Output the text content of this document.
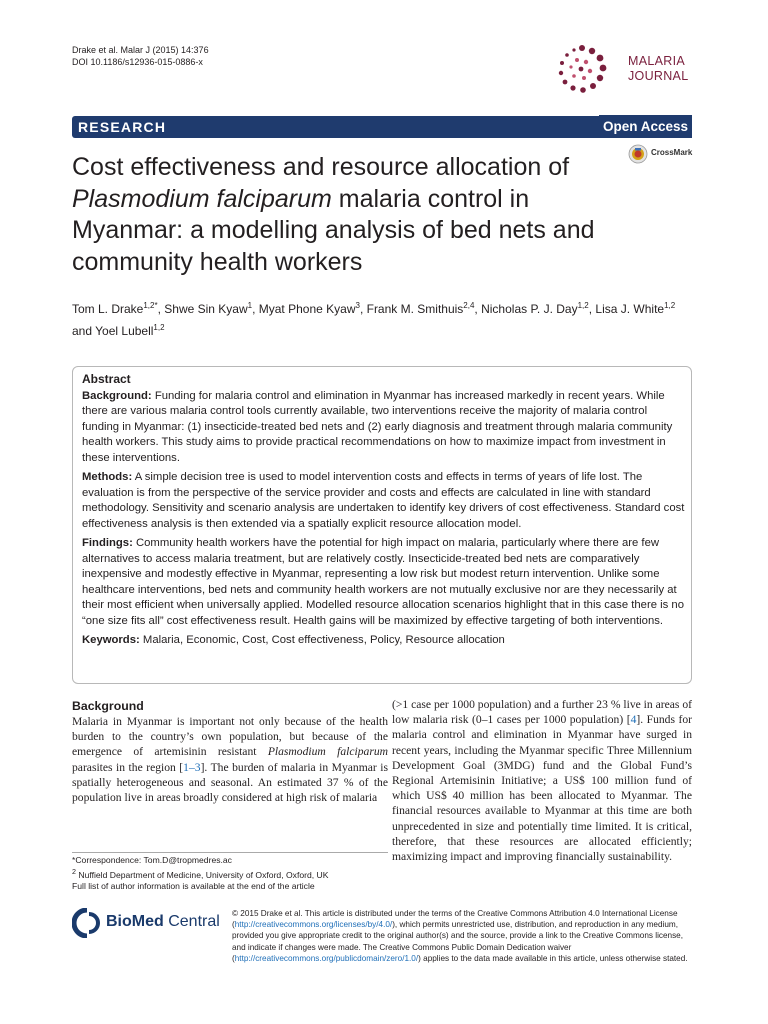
Drake et al. Malar J (2015) 14:376
DOI 10.1186/s12936-015-0886-x	MALARIA
JOURNAL
RESEARCH	Open Access
CrossMark
Cost effectiveness and resource allocation of Plasmodium falciparum malaria control in Myanmar: a modelling analysis of bed nets and community health workers
Tom L. Drake$^{1,2*}$, Shwe Sin Kyaw$^1$, Myat Phone Kyaw$^3$, Frank M. Smithuis$^{2,4}$, Nicholas P. J. Day$^{1,2}$, Lisa J. White$^{1,2}$
and Yoel Lubell$^{1,2}$
Abstract

Background: Funding for malaria control and elimination in Myanmar has increased markedly in recent years. While there are various malaria control tools currently available, two interventions receive the majority of malaria control funding in Myanmar: (1) insecticide-treated bed nets and (2) early diagnosis and treatment through malaria community health workers. This study aims to provide practical recommendations on how to maximize impact from investment in these interventions.

Methods: A simple decision tree is used to model intervention costs and effects in terms of years of life lost. The evaluation is from the perspective of the service provider and costs and effects are calculated in line with standard methodology. Sensitivity and scenario analysis are undertaken to identify key drivers of cost effectiveness. Standard cost effectiveness analysis is then extended via a spatially explicit resource allocation model.

Findings: Community health workers have the potential for high impact on malaria, particularly where there are few alternatives to access malaria treatment, but are relatively costly. Insecticide-treated bed nets are comparatively inexpensive and modestly effective in Myanmar, representing a low risk but modest return intervention. Unlike some healthcare interventions, bed nets and community health workers are not mutually exclusive nor are they necessarily at their most efficient when universally applied. Modelled resource allocation scenarios highlight that in this case there is no “one size fits all” cost effectiveness result. Health gains will be maximized by effective targeting of both interventions.

Keywords: Malaria, Economic, Cost, Cost effectiveness, Policy, Resource allocation

Background
Malaria in Myanmar is important not only because of the health burden to the country’s own population, but because of the emergence of artemisinin resistant Plasmodium falciparum parasites in the region [1–3]. The burden of malaria in Myanmar is spatially heterogeneous and seasonal. An estimated 37 % of the population live in areas broadly considered at high risk of malaria
(>1 case per 1000 population) and a further 23 % live in areas of low malaria risk (0–1 cases per 1000 population) [4]. Funds for malaria control and elimination in Myanmar have surged in recent years, including the Myanmar specific Three Millennium Development Goal (3MDG) fund and the Global Fund’s Regional Artemisinin Initiative; a US$ 100 million fund of which US$ 40 million has been allocated to Myanmar. The financial resources available to Myanmar at this time are both unprecedented in size and potentially time limited. It is critical, therefore, that these resources are allocated efficiently; maximizing impact and improving financially sustainability.
*Correspondence: Tom.D@tropmedres.ac
$^2$ Nuffield Department of Medicine, University of Oxford, Oxford, UK
Full list of author information is available at the end of the article
BioMed Central © 2015 Drake et al. This article is distributed under the terms of the Creative Commons Attribution 4.0 International License (http://creativecommons.org/licenses/by/4.0/), which permits unrestricted use, distribution, and reproduction in any medium, provided you give appropriate credit to the original author(s) and the source, provide a link to the Creative Commons license, and indicate if changes were made. The Creative Commons Public Domain Dedication waiver (http://creativecommons.org/publicdomain/zero/1.0/) applies to the data made available in this article, unless otherwise stated.
